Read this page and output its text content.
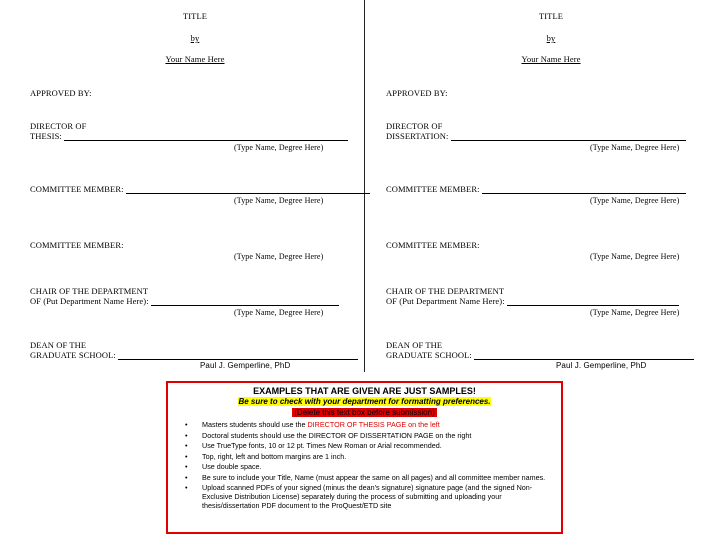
TITLE
by
Your Name Here
APPROVED BY:
DIRECTOR OF
THESIS:
(Type Name, Degree Here)
COMMITTEE MEMBER:
(Type Name, Degree Here)
COMMITTEE MEMBER:
(Type Name, Degree Here)
CHAIR OF THE DEPARTMENT
OF (Put Department Name Here):
(Type Name, Degree Here)
DEAN OF THE
GRADUATE SCHOOL:
Paul J. Gemperline, PhD
TITLE
by
Your Name Here
APPROVED BY:
DIRECTOR OF
DISSERTATION:
(Type Name, Degree Here)
COMMITTEE MEMBER:
(Type Name, Degree Here)
COMMITTEE MEMBER:
(Type Name, Degree Here)
CHAIR OF THE DEPARTMENT
OF (Put Department Name Here):
(Type Name, Degree Here)
DEAN OF THE
GRADUATE SCHOOL:
Paul J. Gemperline, PhD
EXAMPLES THAT ARE GIVEN ARE JUST SAMPLES!
Be sure to check with your department for formatting preferences.
(Delete this text box before submission)
• Masters students should use the DIRECTOR OF THESIS PAGE on the left
• Doctoral students should use the DIRECTOR OF DISSERTATION PAGE on the right
• Use TrueType fonts, 10 or 12 pt. Times New Roman or Arial recommended.
• Top, right, left and bottom margins are 1 inch.
• Use double space.
• Be sure to include your Title, Name (must appear the same on all pages) and all committee member names.
• Upload scanned PDFs of your signed (minus the dean's signature) signature page (and the signed Non-Exclusive Distribution License) separately during the process of submitting and uploading your thesis/dissertation PDF document to the ProQuest/ETD site
